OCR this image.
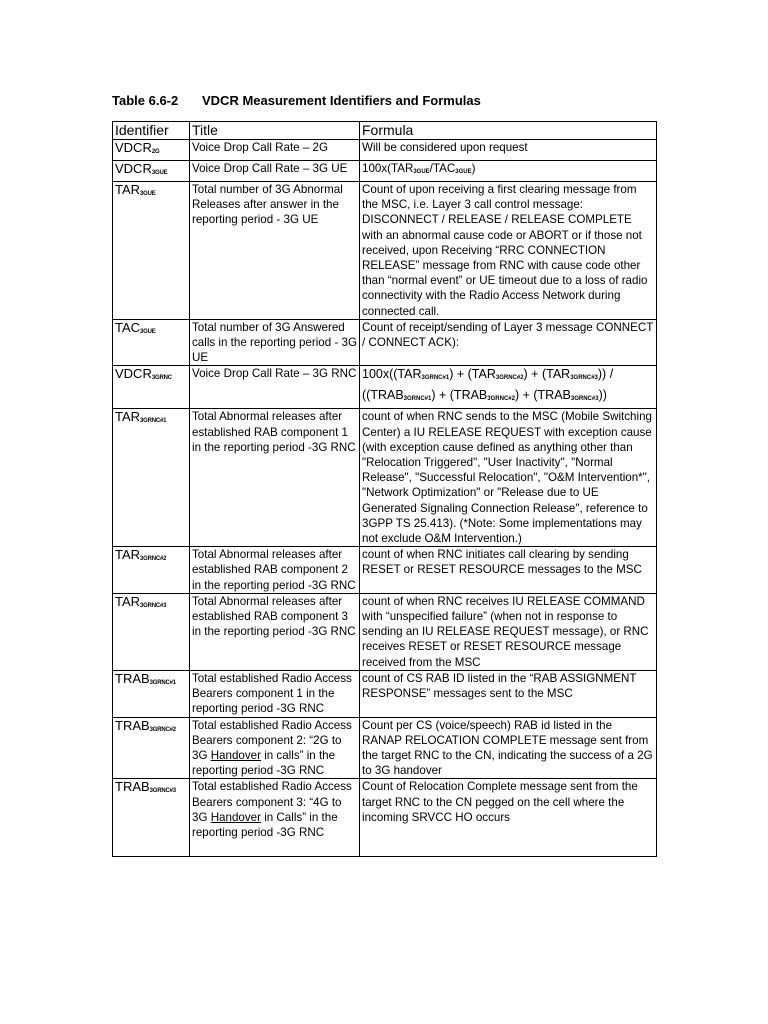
Table 6.6-2 VDCR Measurement Identifiers and Formulas
Identifier	Title	Formula
VDCR2G	Voice Drop Call Rate – 2G	Will be considered upon request
VDCR3GUE	Voice Drop Call Rate – 3G UE	100x(TAR3GUE/TAC3GUE)
TAR3GUE	Total number of 3G Abnormal Releases after answer in the reporting period - 3G UE	Count of upon receiving a first clearing message from the MSC, i.e. Layer 3 call control message: DISCONNECT / RELEASE / RELEASE COMPLETE with an abnormal cause code or ABORT or if those not received, upon Receiving “RRC CONNECTION RELEASE” message from RNC with cause code other than “normal event” or UE timeout due to a loss of radio connectivity with the Radio Access Network during connected call.
TAC3GUE	Total number of 3G Answered calls in the reporting period - 3G UE	Count of receipt/sending of Layer 3 message CONNECT / CONNECT ACK):
VDCR3GRNC	Voice Drop Call Rate – 3G RNC	100x((TAR3GRNC#1) + (TAR3GRNC#2) + (TAR3GRNC#3)) / ((TRAB3GRNC#1) + (TRAB3GRNC#2) + (TRAB3GRNC#3))
TAR3GRNC#1	Total Abnormal releases after established RAB component 1 in the reporting period -3G RNC	count of when RNC sends to the MSC (Mobile Switching Center) a IU RELEASE REQUEST with exception cause (with exception cause defined as anything other than "Relocation Triggered", "User Inactivity", "Normal Release", "Successful Relocation", "O&M Intervention*", "Network Optimization" or "Release due to UE Generated Signaling Connection Release", reference to 3GPP TS 25.413). (*Note: Some implementations may not exclude O&M Intervention.)
TAR3GRNC#2	Total Abnormal releases after established RAB component 2 in the reporting period -3G RNC	count of when RNC initiates call clearing by sending RESET or RESET RESOURCE messages to the MSC
TAR3GRNC#3	Total Abnormal releases after established RAB component 3 in the reporting period -3G RNC	count of when RNC receives IU RELEASE COMMAND with “unspecified failure” (when not in response to sending an IU RELEASE REQUEST message), or RNC receives RESET or RESET RESOURCE message received from the MSC
TRAB3GRNC#1	Total established Radio Access Bearers component 1 in the reporting period -3G RNC	count of CS RAB ID listed in the “RAB ASSIGNMENT RESPONSE” messages sent to the MSC
TRAB3GRNC#2	Total established Radio Access Bearers component 2: “2G to 3G Handover in calls” in the reporting period -3G RNC	Count per CS (voice/speech) RAB id listed in the RANAP RELOCATION COMPLETE message sent from the target RNC to the CN, indicating the success of a 2G to 3G handover
TRAB3GRNC#3	Total established Radio Access Bearers component 3: “4G to 3G Handover in Calls” in the reporting period -3G RNC	Count of Relocation Complete message sent from the target RNC to the CN pegged on the cell where the incoming SRVCC HO occurs
